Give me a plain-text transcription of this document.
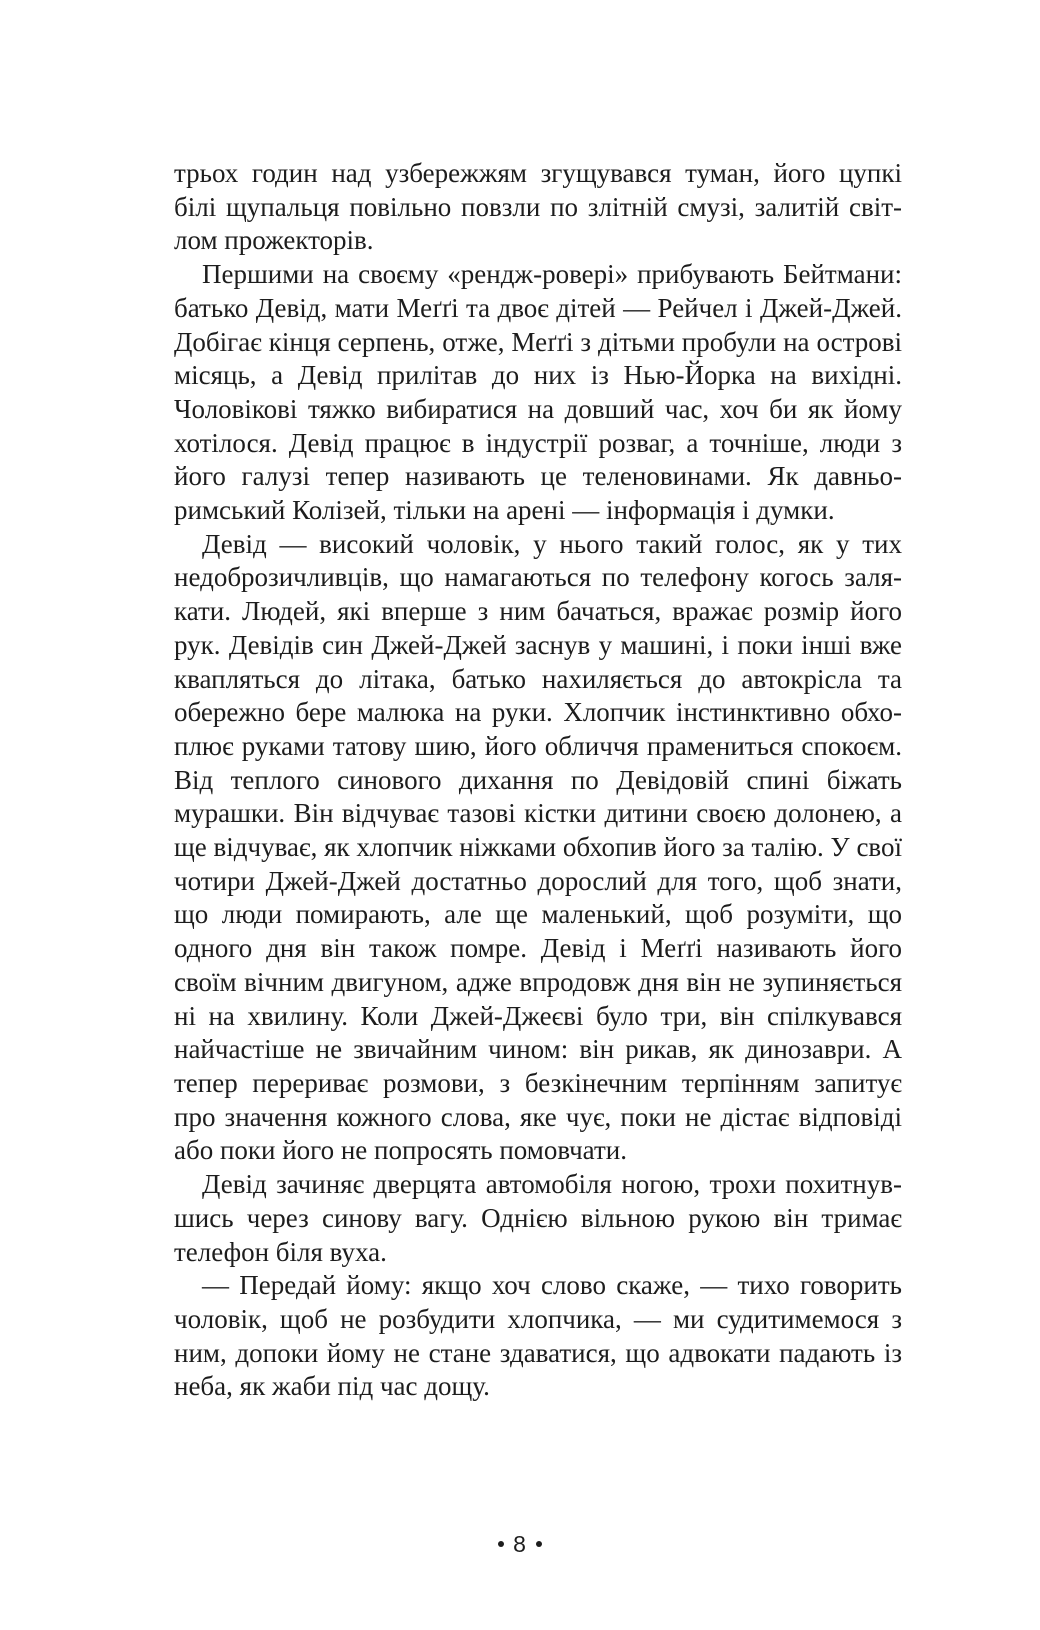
трьох годин над узбережжям згущувався туман, його цупкі білі щупальця повільно повзли по злітній смузі, залитій світлом прожекторів.

Першими на своєму «рендж-ровері» прибувають Бейтмани: батько Девід, мати Меґґі та двоє дітей — Рейчел і Джей-Джей. Добігає кінця серпень, отже, Меґґі з дітьми пробули на острові місяць, а Девід прилітав до них із Нью-Йорка на вихідні. Чоловікові тяжко вибиратися на довший час, хоч би як йому хотілося. Девід працює в індустрії розваг, а точніше, люди з його галузі тепер називають це теленовинами. Як давньоримський Колізей, тільки на арені — інформація і думки.

Девід — високий чоловік, у нього такий голос, як у тих недоброзичливців, що намагаються по телефону когось залякати. Людей, які вперше з ним бачаться, вражає розмір його рук. Девідів син Джей-Джей заснув у машині, і поки інші вже квапляться до літака, батько нахиляється до автокрісла та обережно бере малюка на руки. Хлопчик інстинктивно обхоплює руками татову шию, його обличчя прамениться спокоєм. Від теплого синового дихання по Девідовій спині біжать мурашки. Він відчуває тазові кістки дитини своєю долонею, а ще відчуває, як хлопчик ніжками обхопив його за талію. У свої чотири Джей-Джей достатньо дорослий для того, щоб знати, що люди помирають, але ще маленький, щоб розуміти, що одного дня він також помре. Девід і Меґґі називають його своїм вічним двигуном, адже впродовж дня він не зупиняється ні на хвилину. Коли Джей-Джеєві було три, він спілкувався найчастіше не звичайним чином: він рикав, як динозаври. А тепер перериває розмови, з безкінечним терпінням запитує про значення кожного слова, яке чує, поки не дістає відповіді або поки його не попросять помовчати.

Девід зачиняє дверцята автомобіля ногою, трохи похитнувшись через синову вагу. Однією вільною рукою він тримає телефон біля вуха.

— Передай йому: якщо хоч слово скаже, — тихо говорить чоловік, щоб не розбудити хлопчика, — ми судитимемося з ним, допоки йому не стане здаватися, що адвокати падають із неба, як жаби під час дощу.

8
